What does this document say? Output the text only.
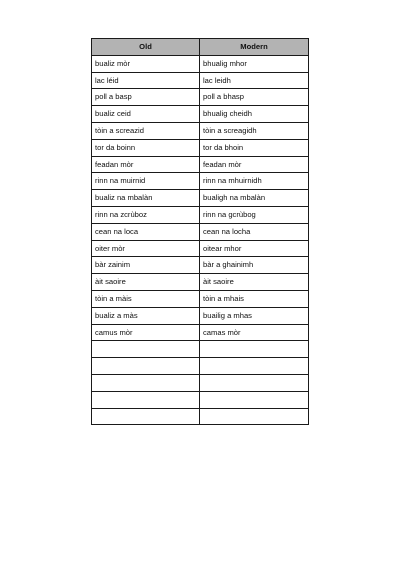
Old	Modern
bualiz mòr	bhualig mhor
lac léid	lac leidh
poll a basp	poll a bhasp
bualiz ceid	bhualig cheidh
tòin a screazid	tòin a screagidh
tor da boinn	tor da bhoin
feadan mòr	feadan mòr
rinn na muirnid	rinn na mhuirnidh
bualiz na mbalàn	bualigh na mbalàn
rinn na zcrùboz	rinn na gcrùbog
cean na loca	cean na locha
oiter mòr	oitear mhor
bàr zainim	bàr a ghainimh
àit saoire	àit saoire
tòin a màis	tòin a mhais
bualiz a màs	buailig a mhas
camus mòr	camas mòr
